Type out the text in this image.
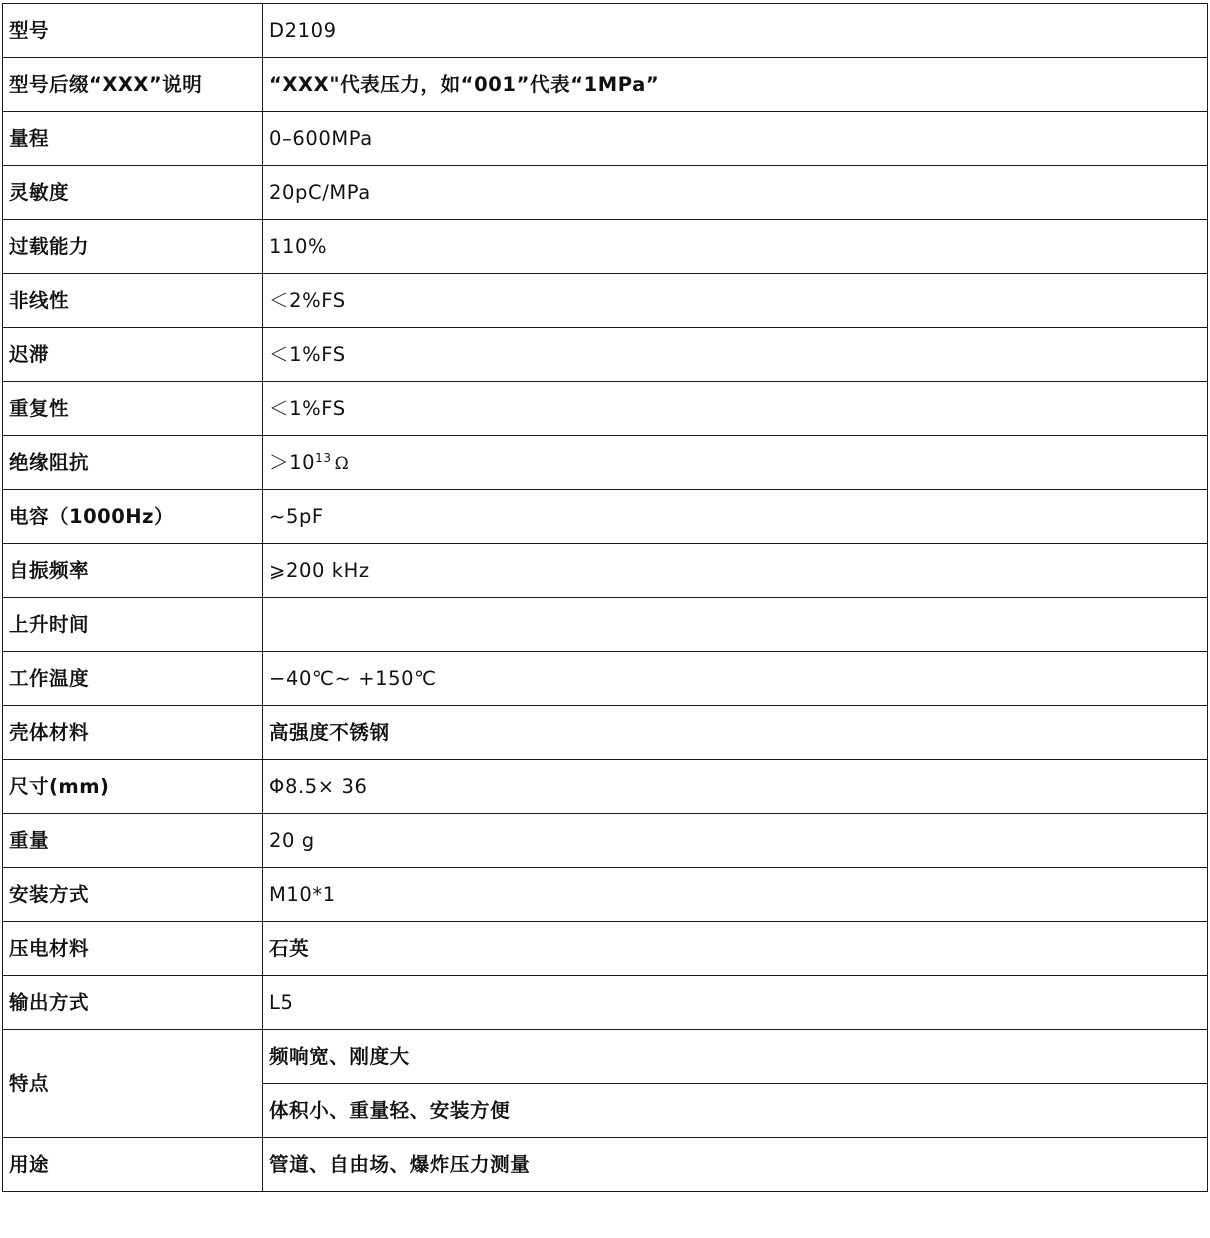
型号	D2109
型号后缀“XXX”说明	“XXX"代表压力，如“001”代表“1MPa”
量程	0–600MPa
灵敏度	20pC/MPa
过载能力	110%
非线性	＜2%FS
迟滞	＜1%FS
重复性	＜1%FS
绝缘阻抗	$>10^{13}$ Ω
电容（1000Hz）	~5pF
自振频率	⩾200 kHz
上升时间	
工作温度	−40℃~ +150℃
壳体材料	高强度不锈钢
尺寸(mm)	Φ8.5× 36
重量	20 g
安装方式	M10*1
压电材料	石英
输出方式	L5
特点	频响宽、刚度大
	体积小、重量轻、安装方便
用途	管道、自由场、爆炸压力测量
